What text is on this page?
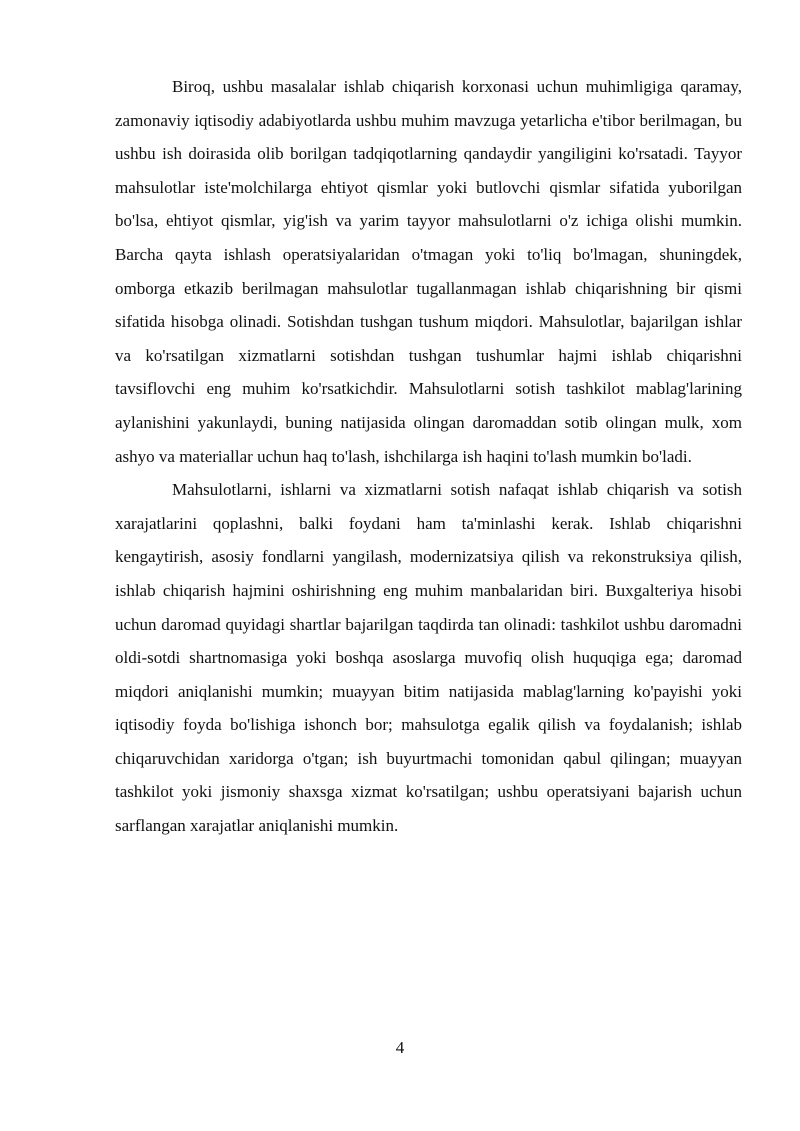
Biroq, ushbu masalalar ishlab chiqarish korxonasi uchun muhimligiga qaramay, zamonaviy iqtisodiy adabiyotlarda ushbu muhim mavzuga yetarlicha e'tibor berilmagan, bu ushbu ish doirasida olib borilgan tadqiqotlarning qandaydir yangiligini ko'rsatadi. Tayyor mahsulotlar iste'molchilarga ehtiyot qismlar yoki butlovchi qismlar sifatida yuborilgan bo'lsa, ehtiyot qismlar, yig'ish va yarim tayyor mahsulotlarni o'z ichiga olishi mumkin. Barcha qayta ishlash operatsiyalaridan o'tmagan yoki to'liq bo'lmagan, shuningdek, omborga etkazib berilmagan mahsulotlar tugallanmagan ishlab chiqarishning bir qismi sifatida hisobga olinadi. Sotishdan tushgan tushum miqdori. Mahsulotlar, bajarilgan ishlar va ko'rsatilgan xizmatlarni sotishdan tushgan tushumlar hajmi ishlab chiqarishni tavsiflovchi eng muhim ko'rsatkichdir. Mahsulotlarni sotish tashkilot mablag'larining aylanishini yakunlaydi, buning natijasida olingan daromaddan sotib olingan mulk, xom ashyo va materiallar uchun haq to'lash, ishchilarga ish haqini to'lash mumkin bo'ladi.

Mahsulotlarni, ishlarni va xizmatlarni sotish nafaqat ishlab chiqarish va sotish xarajatlarini qoplashni, balki foydani ham ta'minlashi kerak. Ishlab chiqarishni kengaytirish, asosiy fondlarni yangilash, modernizatsiya qilish va rekonstruksiya qilish, ishlab chiqarish hajmini oshirishning eng muhim manbalaridan biri. Buxgalteriya hisobi uchun daromad quyidagi shartlar bajarilgan taqdirda tan olinadi: tashkilot ushbu daromadni oldi-sotdi shartnomasiga yoki boshqa asoslarga muvofiq olish huquqiga ega; daromad miqdori aniqlanishi mumkin; muayyan bitim natijasida mablag'larning ko'payishi yoki iqtisodiy foyda bo'lishiga ishonch bor; mahsulotga egalik qilish va foydalanish; ishlab chiqaruvchidan xaridorga o'tgan; ish buyurtmachi tomonidan qabul qilingan; muayyan tashkilot yoki jismoniy shaxsga xizmat ko'rsatilgan; ushbu operatsiyani bajarish uchun sarflangan xarajatlar aniqlanishi mumkin.

4
